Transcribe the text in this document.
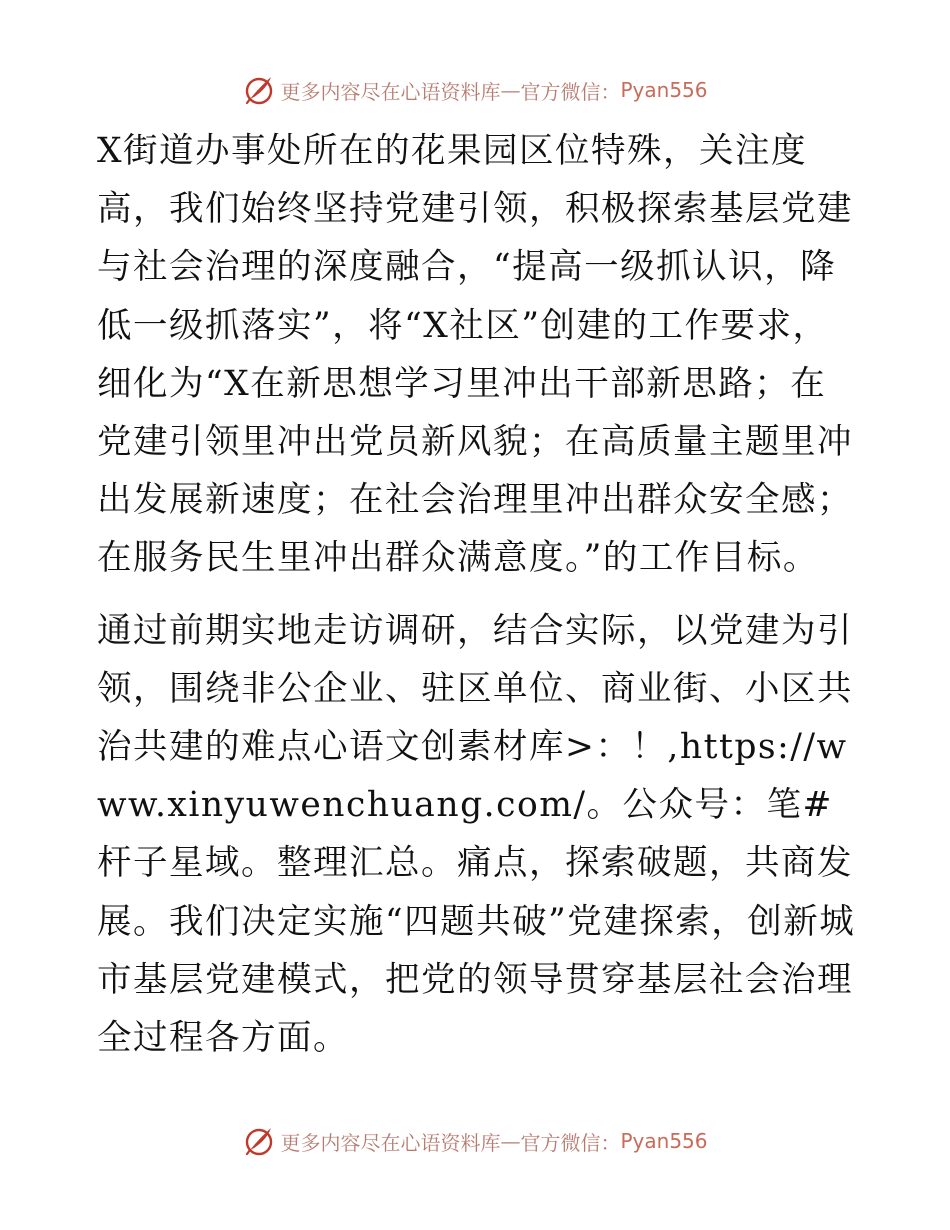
更多内容尽在心语资料库 — 官方微信： Pyan556

X街道办事处所在的花果园区位特殊，关注度高，我们始终坚持党建引领，积极探索基层党建与社会治理的深度融合，“提高一级抓认识，降低一级抓落实”，将“X社区”创建的工作要求，细化为“X在新思想学习里冲出干部新思路；在党建引领里冲出党员新风貌；在高质量主题里冲出发展新速度；在社会治理里冲出群众安全感；在服务民生里冲出群众满意度。”的工作目标。

通过前期实地走访调研，结合实际，以党建为引领，围绕非公企业、驻区单位、商业街、小区共治共建的难点心语文创素材库>：！,https://www.xinyuwenchuang.com/。公众号：笔#杆子星域。整理汇总。痛点，探索破题，共商发展。我们决定实施“四题共破”党建探索，创新城市基层党建模式，把党的领导贯穿基层社会治理全过程各方面。

更多内容尽在心语资料库 — 官方微信： Pyan556
